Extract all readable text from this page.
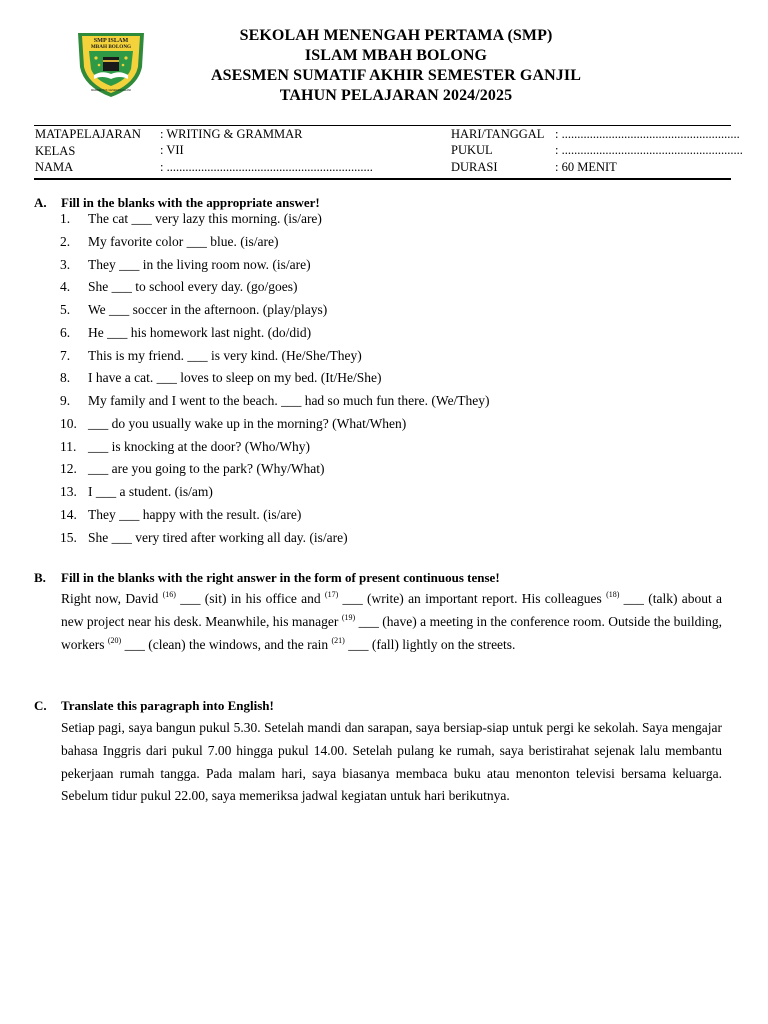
SMP ISLAM
MBAH BOLONG
MEMBENTUK GENERASI ISLAMI
SEKOLAH MENENGAH PERTAMA (SMP)
ISLAM MBAH BOLONG
ASESMEN SUMATIF AKHIR SEMESTER GANJIL
TAHUN PELAJARAN 2024/2025
MATAPELAJARAN : WRITING & GRAMMAR	HARI/TANGGAL : .........................................................
KELAS	: VII	PUKUL	: ..........................................................
NAMA	: ..................................................................	DURASI	: 60 MENIT
A. Fill in the blanks with the appropriate answer!
1. The cat ___ very lazy this morning. (is/are)
2. My favorite color ___ blue. (is/are)
3. They ___ in the living room now. (is/are)
4. She ___ to school every day. (go/goes)
5. We ___ soccer in the afternoon. (play/plays)
6. He ___ his homework last night. (do/did)
7. This is my friend. ___ is very kind. (He/She/They)
8. I have a cat. ___ loves to sleep on my bed. (It/He/She)
9. My family and I went to the beach. ___ had so much fun there. (We/They)
10. ___ do you usually wake up in the morning? (What/When)
11. ___ is knocking at the door? (Who/Why)
12. ___ are you going to the park? (Why/What)
13. I ___ a student. (is/am)
14. They ___ happy with the result. (is/are)
15. She ___ very tired after working all day. (is/are)
B. Fill in the blanks with the right answer in the form of present continuous tense!
Right now, David $^{(16)}$ ___ (sit) in his office and $^{(17)}$ ___ (write) an important report. His colleagues $^{(18)}$ ___ (talk) about a new project near his desk. Meanwhile, his manager $^{(19)}$ ___ (have) a meeting in the conference room. Outside the building, workers $^{(20)}$ ___ (clean) the windows, and the rain $^{(21)}$ ___ (fall) lightly on the streets.
C. Translate this paragraph into English!
Setiap pagi, saya bangun pukul 5.30. Setelah mandi dan sarapan, saya bersiap-siap untuk pergi ke sekolah. Saya mengajar bahasa Inggris dari pukul 7.00 hingga pukul 14.00. Setelah pulang ke rumah, saya beristirahat sejenak lalu membantu pekerjaan rumah tangga. Pada malam hari, saya biasanya membaca buku atau menonton televisi bersama keluarga. Sebelum tidur pukul 22.00, saya memeriksa jadwal kegiatan untuk hari berikutnya.
